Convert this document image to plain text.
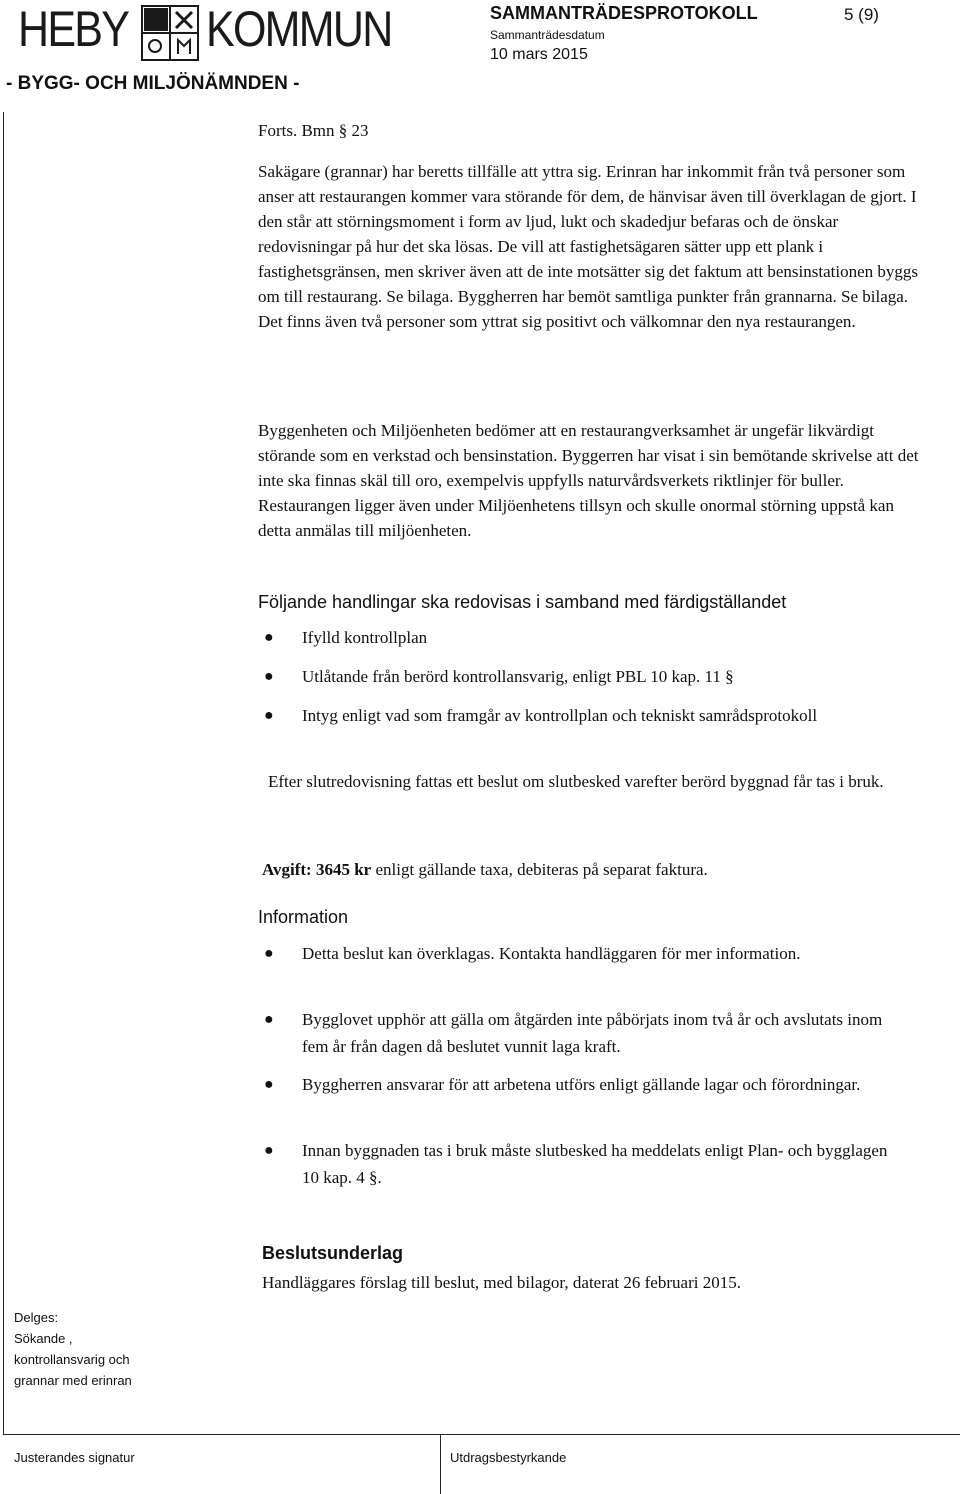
HEBY KOMMUN
- BYGG- OCH MILJÖNÄMNDEN -
SAMMANTRÄDESPROTOKOLL	5 (9)
Sammanträdesdatum
10 mars 2015
Forts. Bmn § 23
Sakägare (grannar) har beretts tillfälle att yttra sig. Erinran har inkommit från två personer som anser att restaurangen kommer vara störande för dem, de hänvisar även till överklagan de gjort. I den står att störningsmoment i form av ljud, lukt och skadedjur befaras och de önskar redovisningar på hur det ska lösas. De vill att fastighetsägaren sätter upp ett plank i fastighetsgränsen, men skriver även att de inte motsätter sig det faktum att bensinstationen byggs om till restaurang. Se bilaga. Byggherren har bemöt samtliga punkter från grannarna. Se bilaga. Det finns även två personer som yttrat sig positivt och välkomnar den nya restaurangen.
Byggenheten och Miljöenheten bedömer att en restaurangverksamhet är ungefär likvärdigt störande som en verkstad och bensinstation. Byggerren har visat i sin bemötande skrivelse att det inte ska finnas skäl till oro, exempelvis uppfylls naturvårdsverkets riktlinjer för buller. Restaurangen ligger även under Miljöenhetens tillsyn och skulle onormal störning uppstå kan detta anmälas till miljöenheten.
Följande handlingar ska redovisas i samband med färdigställandet
● Ifylld kontrollplan
● Utlåtande från berörd kontrollansvarig, enligt PBL 10 kap. 11 §
● Intyg enligt vad som framgår av kontrollplan och tekniskt samrådsprotokoll
Efter slutredovisning fattas ett beslut om slutbesked varefter berörd byggnad får tas i bruk.
Avgift: 3645 kr enligt gällande taxa, debiteras på separat faktura.
Information
● Detta beslut kan överklagas. Kontakta handläggaren för mer information.
● Bygglovet upphör att gälla om åtgärden inte påbörjats inom två år och avslutats inom fem år från dagen då beslutet vunnit laga kraft.
● Byggherren ansvarar för att arbetena utförs enligt gällande lagar och förordningar.
● Innan byggnaden tas i bruk måste slutbesked ha meddelats enligt Plan- och bygglagen 10 kap. 4 §.
Beslutsunderlag
Handläggares förslag till beslut, med bilagor, daterat 26 februari 2015.
Delges:
Sökande ,
kontrollansvarig och
grannar med erinran
Justerandes signatur	Utdragsbestyrkande
